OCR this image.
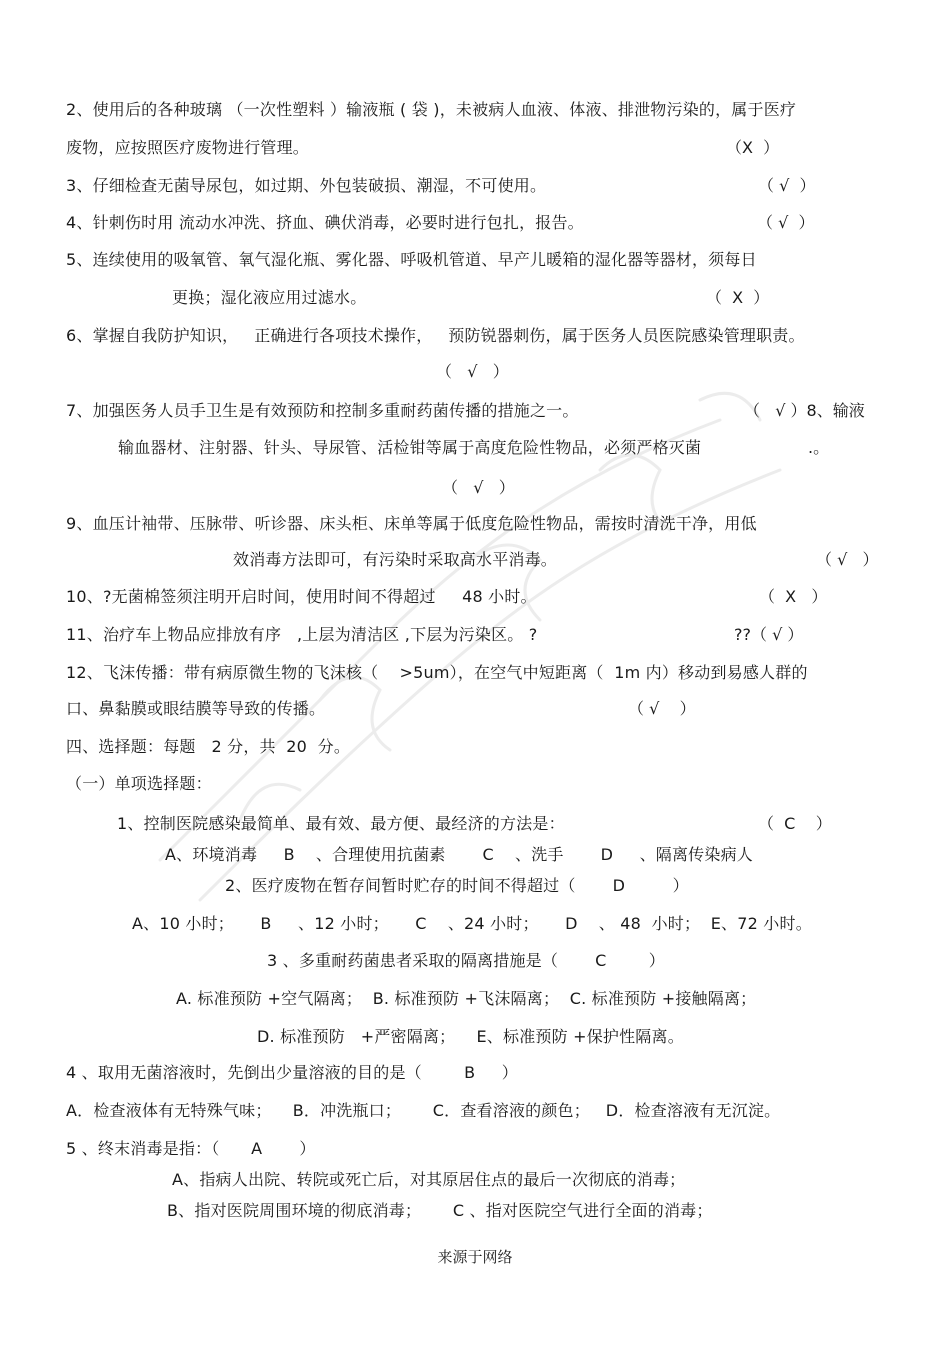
2、使用后的各种玻璃 （一次性塑料 ）输液瓶 ( 袋 )，未被病人血液、体液、排泄物污染的，属于医疗
废物，应按照医疗废物进行管理。	（X  ）
3、仔细检查无菌导尿包，如过期、外包装破损、潮湿，不可使用。	（ √  ）
4、针刺伤时用 流动水冲洗、挤血、碘伏消毒，必要时进行包扎，报告。	（ √  ）
5、连续使用的吸氧管、氧气湿化瓶、雾化器、呼吸机管道、早产儿暖箱的湿化器等器材，须每日
更换；湿化液应用过滤水。	（  X  ）
6、掌握自我防护知识，   正确进行各项技术操作，   预防锐器刺伤，属于医务人员医院感染管理职责。
（   √   ）
7、加强医务人员手卫生是有效预防和控制多重耐药菌传播的措施之一。	（   √ ）8、输液
输血器材、注射器、针头、导尿管、活检钳等属于高度危险性物品，必须严格灭菌	.。
（   √   ）
9、血压计袖带、压脉带、听诊器、床头柜、床单等属于低度危险性物品，需按时清洗干净，用低
效消毒方法即可，有污染时采取高水平消毒。	（ √   ）
10、?无菌棉签须注明开启时间，使用时间不得超过     48 小时。	（  X   ）
11、治疗车上物品应排放有序   ,上层为清洁区 ,下层为污染区。 ?	??（ √ ）
12、飞沫传播：带有病原微生物的飞沫核（    >5um），在空气中短距离（  1m 内）移动到易感人群的
口、鼻黏膜或眼结膜等导致的传播。	（ √    ）
四、选择题：每题   2 分，共  20  分。
（一）单项选择题：
1、控制医院感染最简单、最有效、最方便、最经济的方法是：	（  C    ）
A、环境消毒     B    、合理使用抗菌素       C    、洗手       D     、隔离传染病人
2、医疗废物在暂存间暂时贮存的时间不得超过（       D         ）
A、10 小时；     B     、12 小时；     C    、24 小时；     D    、 48  小时；  E、72 小时。
3 、多重耐药菌患者采取的隔离措施是（       C        ）
A. 标准预防 +空气隔离；  B. 标准预防 +飞沫隔离；  C. 标准预防 +接触隔离；
D. 标准预防   +严密隔离；    E、标准预防 +保护性隔离。
4 、取用无菌溶液时，先倒出少量溶液的目的是（        B     ）
A．检查液体有无特殊气味；    B．冲洗瓶口；      C．查看溶液的颜色；   D．检查溶液有无沉淀。
5 、终末消毒是指：（      A       ）
A、指病人出院、转院或死亡后，对其原居住点的最后一次彻底的消毒；
B、指对医院周围环境的彻底消毒；      C 、指对医院空气进行全面的消毒；
来源于网络
